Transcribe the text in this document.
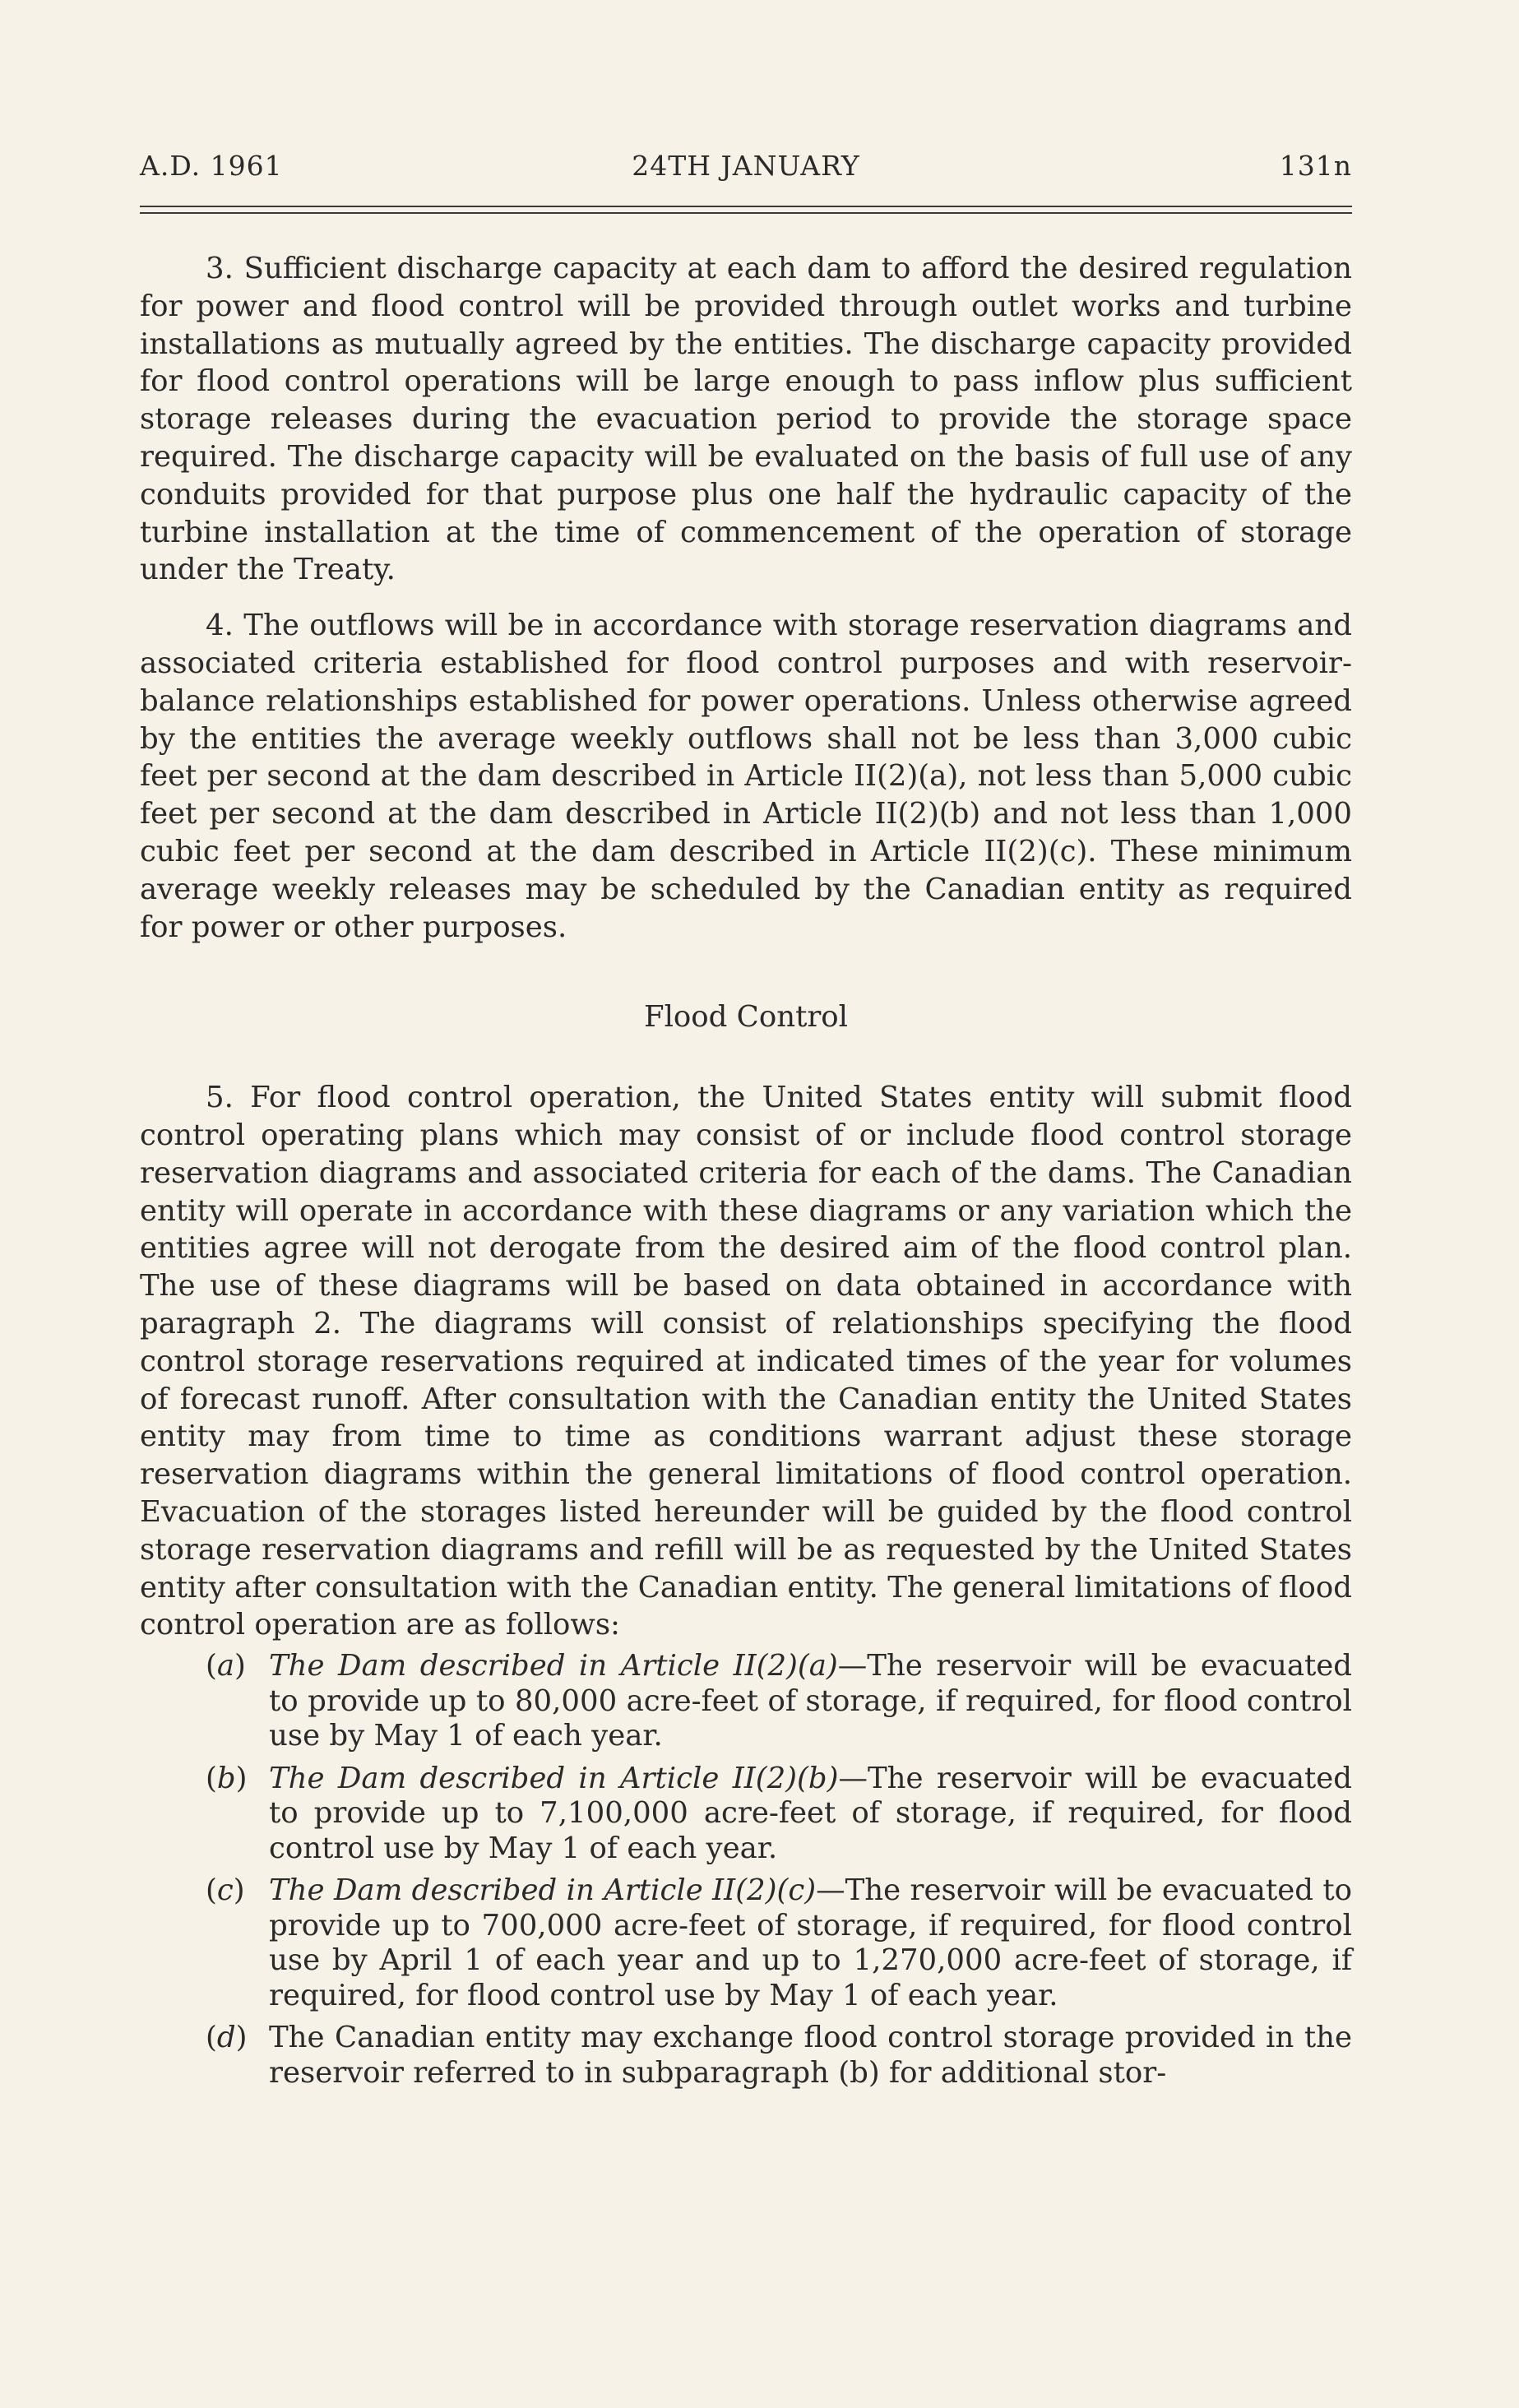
A.D. 1961	24TH JANUARY	131n

3. Sufficient discharge capacity at each dam to afford the desired regulation for power and flood control will be provided through outlet works and turbine installations as mutually agreed by the entities. The discharge capacity provided for flood control operations will be large enough to pass inflow plus sufficient storage releases during the evacuation period to provide the storage space required. The discharge capacity will be evaluated on the basis of full use of any conduits provided for that purpose plus one half the hydraulic capacity of the turbine installation at the time of commencement of the operation of storage under the Treaty.

4. The outflows will be in accordance with storage reservation diagrams and associated criteria established for flood control purposes and with reservoir-balance relationships established for power operations. Unless otherwise agreed by the entities the average weekly outflows shall not be less than 3,000 cubic feet per second at the dam described in Article II(2)(a), not less than 5,000 cubic feet per second at the dam described in Article II(2)(b) and not less than 1,000 cubic feet per second at the dam described in Article II(2)(c). These minimum average weekly releases may be scheduled by the Canadian entity as required for power or other purposes.

Flood Control

5. For flood control operation, the United States entity will submit flood control operating plans which may consist of or include flood control storage reservation diagrams and associated criteria for each of the dams. The Canadian entity will operate in accordance with these diagrams or any variation which the entities agree will not derogate from the desired aim of the flood control plan. The use of these diagrams will be based on data obtained in accordance with paragraph 2. The diagrams will consist of relationships specifying the flood control storage reservations required at indicated times of the year for volumes of forecast runoff. After consultation with the Canadian entity the United States entity may from time to time as conditions warrant adjust these storage reservation diagrams within the general limitations of flood control operation. Evacuation of the storages listed hereunder will be guided by the flood control storage reservation diagrams and refill will be as requested by the United States entity after consultation with the Canadian entity. The general limitations of flood control operation are as follows:

(a) The Dam described in Article II(2)(a)—The reservoir will be evacuated to provide up to 80,000 acre-feet of storage, if required, for flood control use by May 1 of each year.
(b) The Dam described in Article II(2)(b)—The reservoir will be evacuated to provide up to 7,100,000 acre-feet of storage, if required, for flood control use by May 1 of each year.
(c) The Dam described in Article II(2)(c)—The reservoir will be evacuated to provide up to 700,000 acre-feet of storage, if required, for flood control use by April 1 of each year and up to 1,270,000 acre-feet of storage, if required, for flood control use by May 1 of each year.
(d) The Canadian entity may exchange flood control storage provided in the reservoir referred to in subparagraph (b) for additional stor-
